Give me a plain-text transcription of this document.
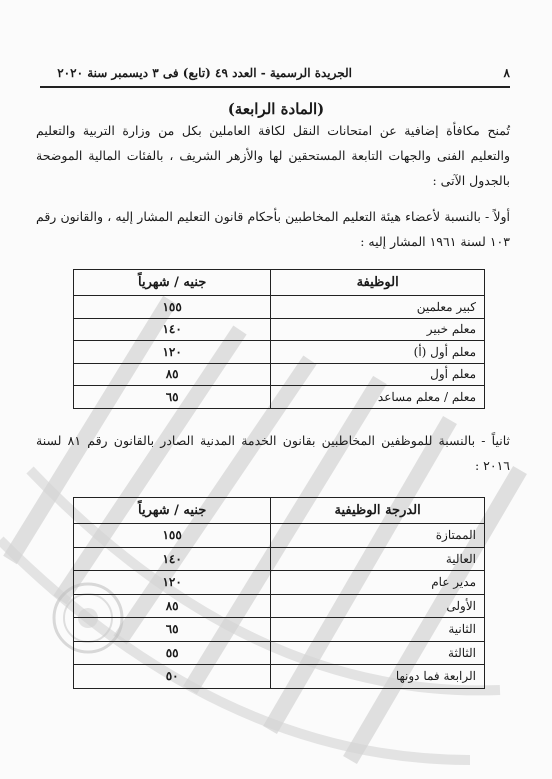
٨
الجريدة الرسمية - العدد ٤٩ (تابع) فى ٣ ديسمبر سنة ٢٠٢٠
(المادة الرابعة)
تُمنح مكافأة إضافية عن امتحانات النقل لكافة العاملين بكل من وزارة التربية والتعليم والتعليم الفنى والجهات التابعة المستحقين لها والأزهر الشريف ، بالفئات المالية الموضحة بالجدول الآتى :
أولاً - بالنسبة لأعضاء هيئة التعليم المخاطبين بأحكام قانون التعليم المشار إليه ، والقانون رقم ١٠٣ لسنة ١٩٦١ المشار إليه :
الوظيفة	جنيه / شهرياً
كبير معلمين	١٥٥
معلم خبير	١٤٠
معلم أول (أ)	١٢٠
معلم أول	٨٥
معلم / معلم مساعد	٦٥
ثانياً - بالنسبة للموظفين المخاطبين بقانون الخدمة المدنية الصادر بالقانون رقم ٨١ لسنة ٢٠١٦ :
الدرجة الوظيفية	جنيه / شهرياً
الممتازة	١٥٥
العالية	١٤٠
مدير عام	١٢٠
الأولى	٨٥
الثانية	٦٥
الثالثة	٥٥
الرابعة فما دونها	٥٠
